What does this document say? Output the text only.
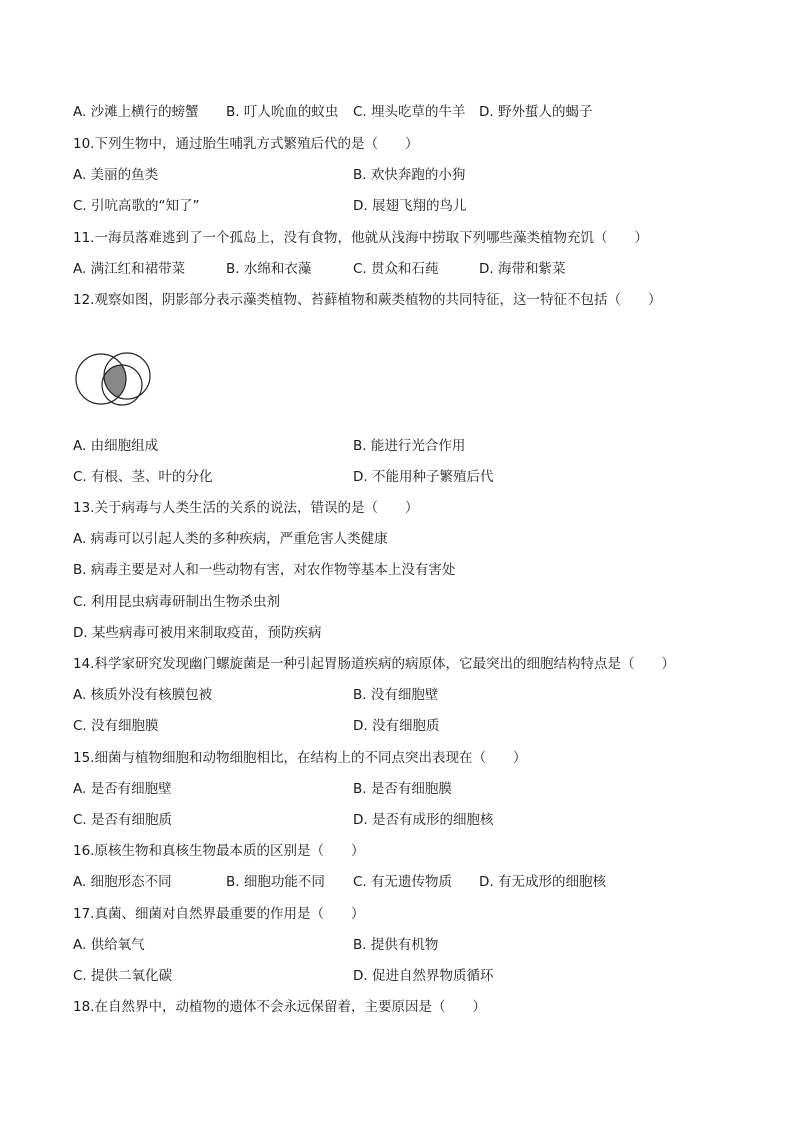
A. 沙滩上横行的螃蟹 B. 叮人吮血的蚊虫 C. 埋头吃草的牛羊 D. 野外蜇人的蝎子
10.下列生物中，通过胎生哺乳方式繁殖后代的是（　　）
A. 美丽的鱼类	B. 欢快奔跑的小狗
C. 引吭高歌的“知了”	D. 展翅飞翔的鸟儿
11.一海员落难逃到了一个孤岛上，没有食物，他就从浅海中捞取下列哪些藻类植物充饥（　　）
A. 满江红和裙带菜	B. 水绵和衣藻	C. 贯众和石莼	D. 海带和紫菜
12.观察如图，阴影部分表示藻类植物、苔藓植物和蕨类植物的共同特征，这一特征不包括（　　）
A. 由细胞组成	B. 能进行光合作用
C. 有根、茎、叶的分化	D. 不能用种子繁殖后代
13.关于病毒与人类生活的关系的说法，错误的是（　　）
A. 病毒可以引起人类的多种疾病，严重危害人类健康
B. 病毒主要是对人和一些动物有害，对农作物等基本上没有害处
C. 利用昆虫病毒研制出生物杀虫剂
D. 某些病毒可被用来制取疫苗，预防疾病
14.科学家研究发现幽门螺旋菌是一种引起胃肠道疾病的病原体，它最突出的细胞结构特点是（　　）
A. 核质外没有核膜包被	B. 没有细胞壁
C. 没有细胞膜	D. 没有细胞质
15.细菌与植物细胞和动物细胞相比，在结构上的不同点突出表现在（　　）
A. 是否有细胞壁	B. 是否有细胞膜
C. 是否有细胞质	D. 是否有成形的细胞核
16.原核生物和真核生物最本质的区别是（　　）
A. 细胞形态不同	B. 细胞功能不同 C. 有无遗传物质 D. 有无成形的细胞核
17.真菌、细菌对自然界最重要的作用是（　　）
A. 供给氧气	B. 提供有机物
C. 提供二氧化碳	D. 促进自然界物质循环
18.在自然界中，动植物的遗体不会永远保留着，主要原因是（　　）
